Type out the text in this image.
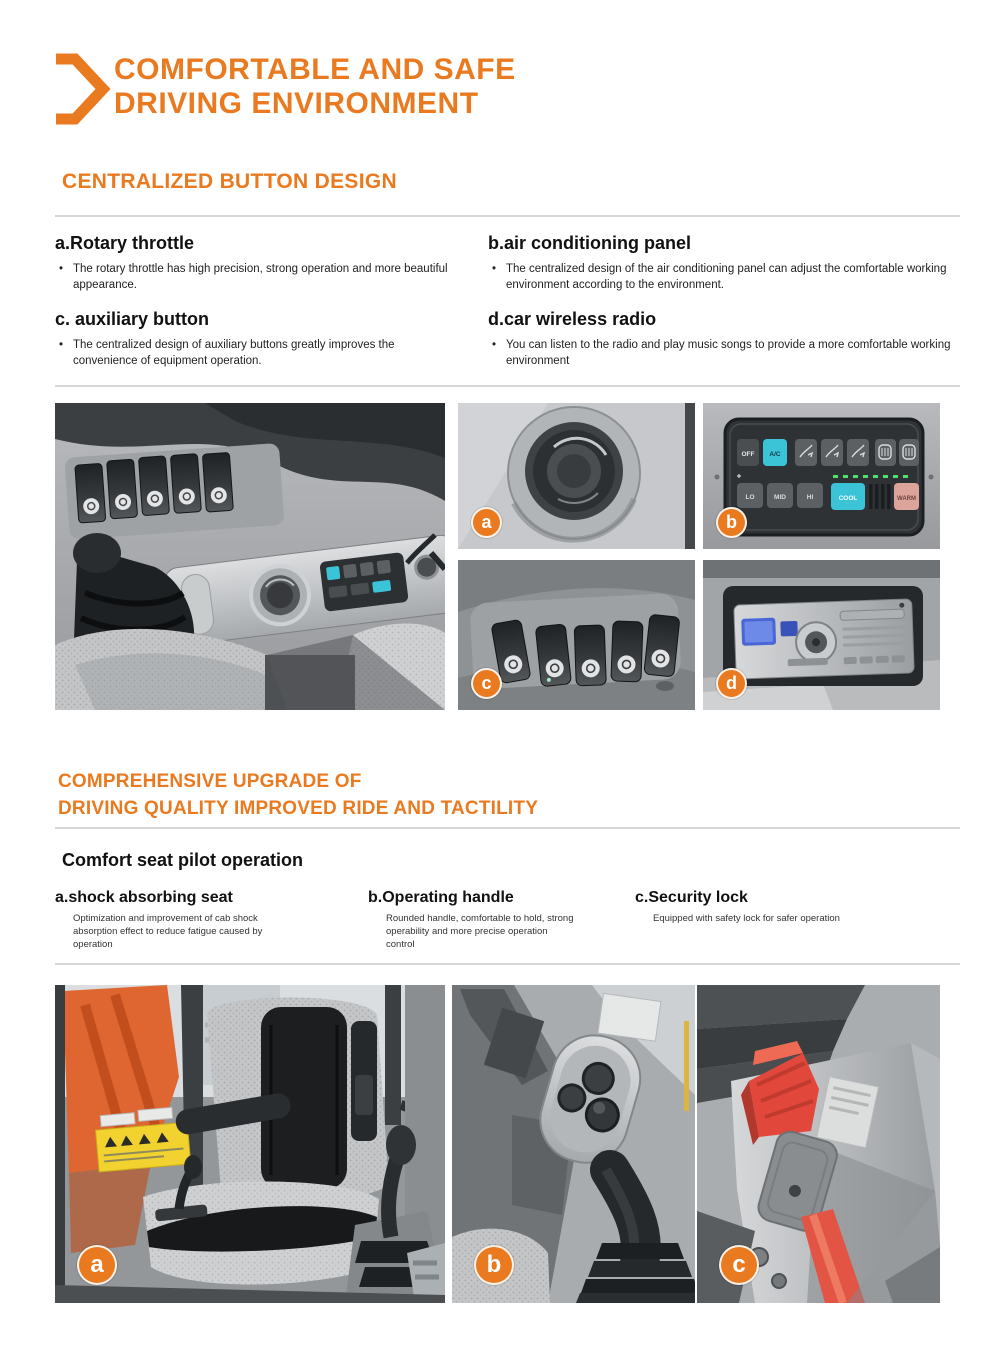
COMFORTABLE AND SAFE
DRIVING ENVIRONMENT
CENTRALIZED BUTTON DESIGN
a.Rotary throttle
• The rotary throttle has high precision, strong operation and more beautiful appearance.
c. auxiliary button
• The centralized design of auxiliary buttons greatly improves the convenience of equipment operation.
b.air conditioning panel
• The centralized design of the air conditioning panel can adjust the comfortable working environment according to the environment.
d.car wireless radio
• You can listen to the radio and play music songs to provide a more comfortable working environment
a
OFF A/C
LO	MID	HI	COOL	WARM
b
c	d
COMPREHENSIVE UPGRADE OF
DRIVING QUALITY IMPROVED RIDE AND TACTILITY
Comfort seat pilot operation
a.shock absorbing seat
Optimization and improvement of cab shock absorption effect to reduce fatigue caused by operation
b.Operating handle
Rounded handle, comfortable to hold, strong operability and more precise operation control
c.Security lock
Equipped with safety lock for safer operation
a	b	c
